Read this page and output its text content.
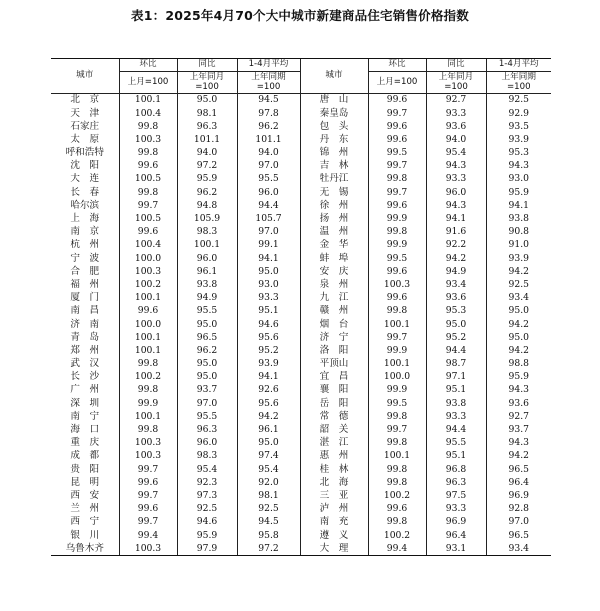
表1：2025年4月70个大中城市新建商品住宅销售价格指数
城市	环比	同比	1-4月平均	城市	环比	同比	1-4月平均
	上月=100	上年同月=100	上年同期=100		上月=100	上年同月=100	上年同期=100
北　京	100.1	95.0	94.5	唐　山	99.6	92.7	92.5
天　津	100.4	98.1	97.8	秦皇岛	99.7	93.3	92.9
石家庄	99.8	96.3	96.2	包　头	99.6	93.6	93.5
太　原	100.3	101.1	101.1	丹　东	99.6	94.0	93.9
呼和浩特	99.8	94.0	94.0	锦　州	99.5	95.4	95.3
沈　阳	99.6	97.2	97.0	吉　林	99.7	94.3	94.3
大　连	100.5	95.9	95.5	牡丹江	99.8	93.3	93.0
长　春	99.8	96.2	96.0	无　锡	99.7	96.0	95.9
哈尔滨	99.7	94.8	94.4	徐　州	99.6	94.3	94.1
上　海	100.5	105.9	105.7	扬　州	99.9	94.1	93.8
南　京	99.6	98.3	97.0	温　州	99.8	91.6	90.8
杭　州	100.4	100.1	99.1	金　华	99.9	92.2	91.0
宁　波	100.0	96.0	94.1	蚌　埠	99.5	94.2	93.9
合　肥	100.3	96.1	95.0	安　庆	99.6	94.9	94.2
福　州	100.2	93.8	93.0	泉　州	100.3	93.4	92.5
厦　门	100.1	94.9	93.3	九　江	99.6	93.6	93.4
南　昌	99.6	95.5	95.1	赣　州	99.8	95.3	95.0
济　南	100.0	95.0	94.6	烟　台	100.1	95.0	94.2
青　岛	100.1	96.5	95.6	济　宁	99.7	95.2	95.0
郑　州	100.1	96.2	95.2	洛　阳	99.9	94.4	94.2
武　汉	99.8	95.0	93.9	平顶山	100.1	98.7	98.8
长　沙	100.2	95.0	94.1	宜　昌	100.0	97.1	95.9
广　州	99.8	93.7	92.6	襄　阳	99.9	95.1	94.3
深　圳	99.9	97.0	95.6	岳　阳	99.5	93.8	93.6
南　宁	100.1	95.5	94.2	常　德	99.8	93.3	92.7
海　口	99.8	96.3	96.1	韶　关	99.7	94.4	93.7
重　庆	100.3	96.0	95.0	湛　江	99.8	95.5	94.3
成　都	100.3	98.3	97.4	惠　州	100.1	95.1	94.2
贵　阳	99.7	95.4	95.4	桂　林	99.8	96.8	96.5
昆　明	99.6	92.3	92.0	北　海	99.8	96.3	96.4
西　安	99.7	97.3	98.1	三　亚	100.2	97.5	96.9
兰　州	99.6	92.5	92.5	泸　州	99.6	93.3	92.8
西　宁	99.7	94.6	94.5	南　充	99.8	96.9	97.0
银　川	99.4	95.9	95.8	遵　义	100.2	96.4	96.5
乌鲁木齐	100.3	97.9	97.2	大　理	99.4	93.1	93.4
